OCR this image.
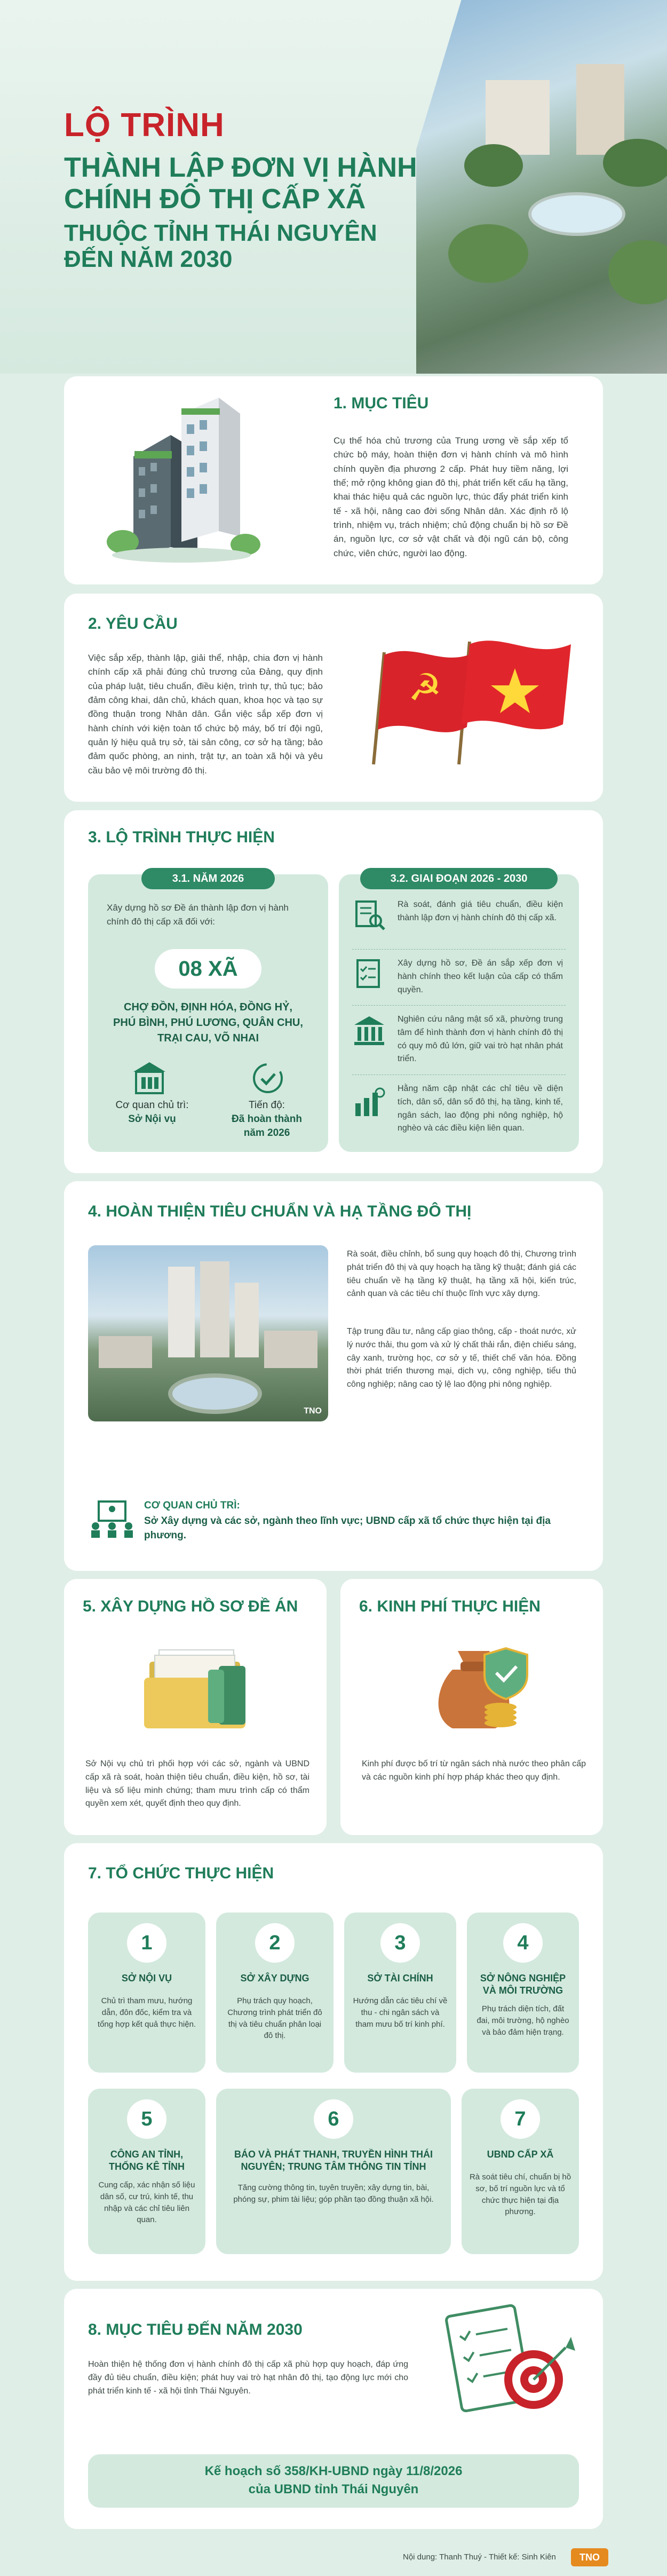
LỘ TRÌNH

THÀNH LẬP ĐƠN VỊ HÀNH

CHÍNH ĐÔ THỊ CẤP XÃ

THUỘC TỈNH THÁI NGUYÊN

ĐẾN NĂM 2030

1. MỤC TIÊU

Cụ thể hóa chủ trương của Trung ương về sắp xếp tổ chức bộ máy, hoàn thiện đơn vị hành chính và mô hình chính quyền địa phương 2 cấp. Phát huy tiềm năng, lợi thế; mở rộng không gian đô thị, phát triển kết cấu hạ tầng, khai thác hiệu quả các nguồn lực, thúc đẩy phát triển kinh tế - xã hội, nâng cao đời sống Nhân dân. Xác định rõ lộ trình, nhiệm vụ, trách nhiệm; chủ động chuẩn bị hồ sơ Đề án, nguồn lực, cơ sở vật chất và đội ngũ cán bộ, công chức, viên chức, người lao động.

2. YÊU CẦU

Việc sắp xếp, thành lập, giải thể, nhập, chia đơn vị hành chính cấp xã phải đúng chủ trương của Đảng, quy định của pháp luật, tiêu chuẩn, điều kiện, trình tự, thủ tục; bảo đảm công khai, dân chủ, khách quan, khoa học và tạo sự đồng thuận trong Nhân dân. Gắn việc sắp xếp đơn vị hành chính với kiện toàn tổ chức bộ máy, bố trí đội ngũ, quản lý hiệu quả trụ sở, tài sản công, cơ sở hạ tầng; bảo đảm quốc phòng, an ninh, trật tự, an toàn xã hội và yêu cầu bảo vệ môi trường đô thị.

☭
3. LỘ TRÌNH THỰC HIỆN
3.1. NĂM 2026

Xây dựng hồ sơ Đề án thành lập đơn vị hành chính đô thị cấp xã đối với:

08 XÃ
CHỢ ĐỒN, ĐỊNH HÓA, ĐỒNG HỶ,
PHÚ BÌNH, PHÚ LƯƠNG, QUÂN CHU,
TRẠI CAU, VÕ NHAI
Cơ quan chủ trì:
Sở Nội vụ
Tiến độ:
Đã hoàn thành
năm 2026
3.2. GIAI ĐOẠN 2026 - 2030

Rà soát, đánh giá tiêu chuẩn, điều kiện thành lập đơn vị hành chính đô thị cấp xã.

Xây dựng hồ sơ, Đề án sắp xếp đơn vị hành chính theo kết luận của cấp có thẩm quyền.

Nghiên cứu nâng mật số xã, phường trung tâm để hình thành đơn vị hành chính đô thị có quy mô đủ lớn, giữ vai trò hạt nhân phát triển.

Hằng năm cập nhật các chỉ tiêu về diện tích, dân số, dân số đô thị, hạ tầng, kinh tế, ngân sách, lao động phi nông nghiệp, hộ nghèo và các điều kiện liên quan.

4. HOÀN THIỆN TIÊU CHUẨN VÀ HẠ TẦNG ĐÔ THỊ
TNO

Rà soát, điều chỉnh, bổ sung quy hoạch đô thị, Chương trình phát triển đô thị và quy hoạch hạ tầng kỹ thuật; đánh giá các tiêu chuẩn về hạ tầng kỹ thuật, hạ tầng xã hội, kiến trúc, cảnh quan và các tiêu chí thuộc lĩnh vực xây dựng.

Tập trung đầu tư, nâng cấp giao thông, cấp - thoát nước, xử lý nước thải, thu gom và xử lý chất thải rắn, điện chiếu sáng, cây xanh, trường học, cơ sở y tế, thiết chế văn hóa. Đồng thời phát triển thương mại, dịch vụ, công nghiệp, tiểu thủ công nghiệp; nâng cao tỷ lệ lao động phi nông nghiệp.

CƠ QUAN CHỦ TRÌ:
Sở Xây dựng và các sở, ngành theo lĩnh vực; UBND cấp xã tổ chức thực hiện tại địa phương.
5. XÂY DỰNG HỒ SƠ ĐỀ ÁN

Sở Nội vụ chủ trì phối hợp với các sở, ngành và UBND cấp xã rà soát, hoàn thiện tiêu chuẩn, điều kiện, hồ sơ, tài liệu và số liệu minh chứng; tham mưu trình cấp có thẩm quyền xem xét, quyết định theo quy định.

6. KINH PHÍ THỰC HIỆN

Kinh phí được bố trí từ ngân sách nhà nước theo phân cấp và các nguồn kinh phí hợp pháp khác theo quy định.

7. TỔ CHỨC THỰC HIỆN
1
SỞ NỘI VỤ
Chủ trì tham mưu, hướng dẫn, đôn đốc, kiểm tra và tổng hợp kết quả thực hiện.
2
SỞ XÂY DỰNG
Phụ trách quy hoạch, Chương trình phát triển đô thị và tiêu chuẩn phân loại đô thị.
3
SỞ TÀI CHÍNH
Hướng dẫn các tiêu chí về thu - chi ngân sách và tham mưu bố trí kinh phí.
4
SỞ NÔNG NGHIỆP VÀ MÔI TRƯỜNG
Phụ trách diện tích, đất đai, môi trường, hộ nghèo và bảo đảm hiện trạng.
5
CÔNG AN TỈNH, THỐNG KÊ TỈNH
Cung cấp, xác nhận số liệu dân số, cư trú, kinh tế, thu nhập và các chỉ tiêu liên quan.
6
BÁO VÀ PHÁT THANH, TRUYỀN HÌNH THÁI NGUYÊN; TRUNG TÂM THÔNG TIN TỈNH
Tăng cường thông tin, tuyên truyền; xây dựng tin, bài, phóng sự, phim tài liệu; góp phần tạo đồng thuận xã hội.
7
UBND CẤP XÃ
Rà soát tiêu chí, chuẩn bị hồ sơ, bố trí nguồn lực và tổ chức thực hiện tại địa phương.
8. MỤC TIÊU ĐẾN NĂM 2030

Hoàn thiện hệ thống đơn vị hành chính đô thị cấp xã phù hợp quy hoạch, đáp ứng đầy đủ tiêu chuẩn, điều kiện; phát huy vai trò hạt nhân đô thị, tạo động lực mới cho phát triển kinh tế - xã hội tỉnh Thái Nguyên.

Kế hoạch số 358/KH-UBND ngày 11/8/2026
của UBND tỉnh Thái Nguyên
Nội dung: Thanh Thuý - Thiết kế: Sinh Kiên	TNO
